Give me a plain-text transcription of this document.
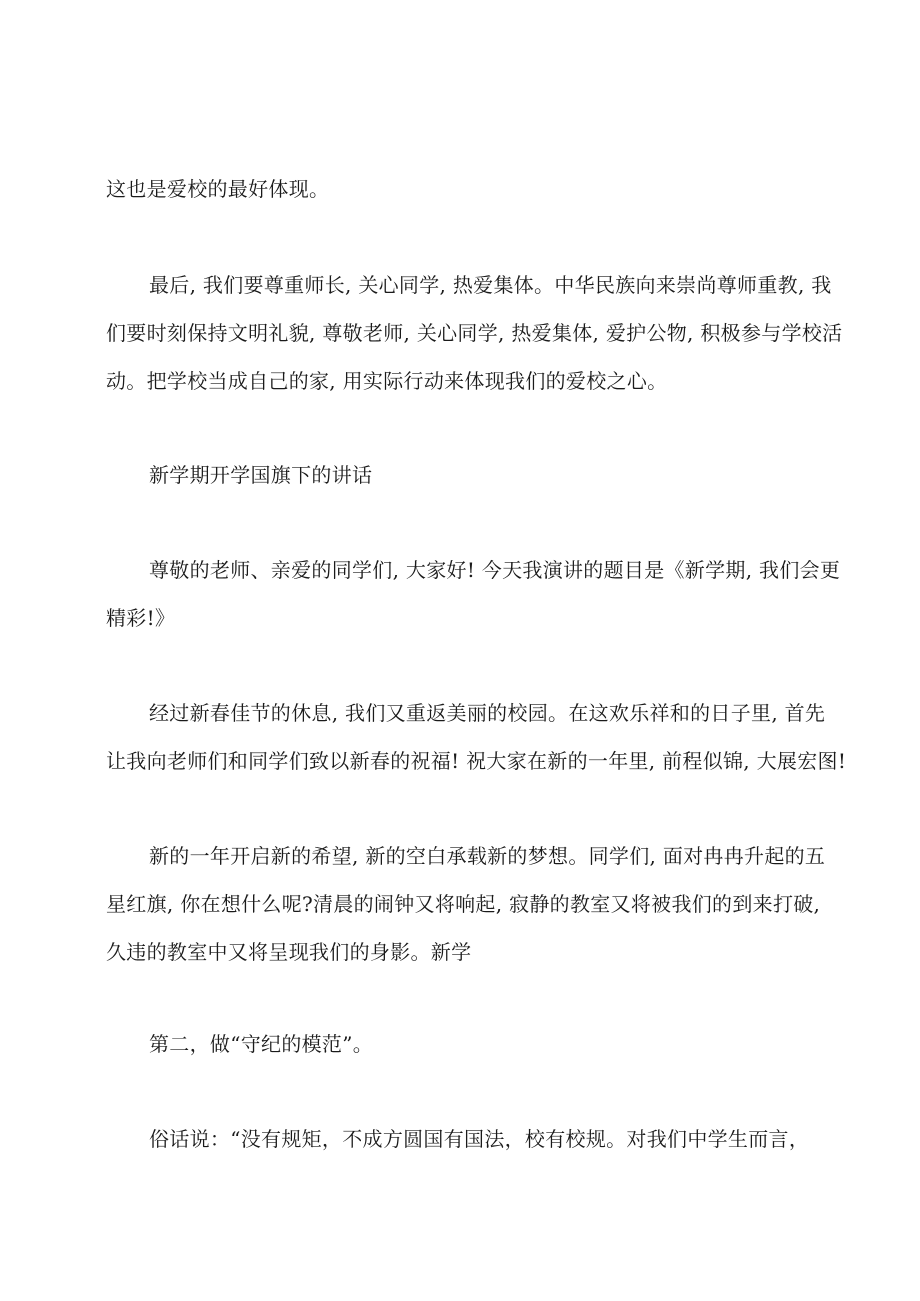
这也是爱校的最好体现。
最后, 我们要尊重师长, 关心同学, 热爱集体。中华民族向来崇尚尊师重教, 我
们要时刻保持文明礼貌, 尊敬老师, 关心同学, 热爱集体, 爱护公物, 积极参与学校活
动。把学校当成自己的家, 用实际行动来体现我们的爱校之心。
新学期开学国旗下的讲话
尊敬的老师、亲爱的同学们, 大家好! 今天我演讲的题目是《新学期, 我们会更
精彩!》
经过新春佳节的休息, 我们又重返美丽的校园。在这欢乐祥和的日子里, 首先
让我向老师们和同学们致以新春的祝福! 祝大家在新的一年里, 前程似锦, 大展宏图!
新的一年开启新的希望, 新的空白承载新的梦想。同学们, 面对冉冉升起的五
星红旗, 你在想什么呢?清晨的闹钟又将响起, 寂静的教室又将被我们的到来打破,
久违的教室中又将呈现我们的身影。新学
第二，做“守纪的模范”。
俗话说：“没有规矩，不成方圆国有国法，校有校规。对我们中学生而言，
